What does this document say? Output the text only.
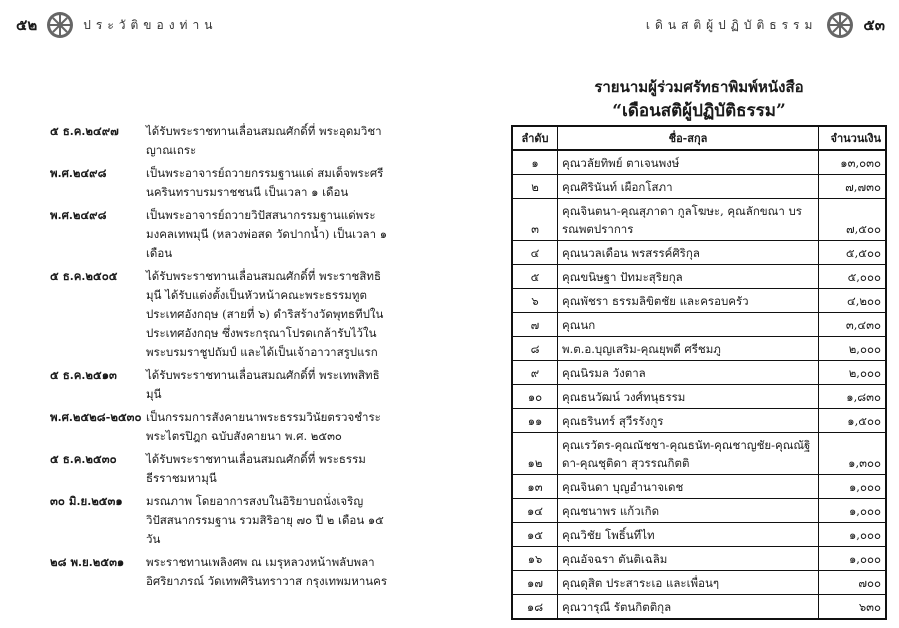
๕๒	ประวัติของท่าน
๕ ธ.ค.๒๔๙๗	ได้รับพระราชทานเลื่อนสมณศักดิ์ที่ พระอุดมวิชาญาณเถระ
พ.ศ.๒๔๙๘	เป็นพระอาจารย์ถวายกรรมฐานแด่ สมเด็จพระศรีนครินทราบรมราชชนนี เป็นเวลา ๑ เดือน
พ.ศ.๒๔๙๘	เป็นพระอาจารย์ถวายวิปัสสนากรรมฐานแด่พระมงคลเทพมุนี (หลวงพ่อสด วัดปากน้ำ) เป็นเวลา ๑ เดือน
๕ ธ.ค.๒๕๐๕	ได้รับพระราชทานเลื่อนสมณศักดิ์ที่ พระราชสิทธิมุนี ได้รับแต่งตั้งเป็นหัวหน้าคณะพระธรรมทูตประเทศอังกฤษ (สายที่ ๖) ดำริสร้างวัดพุทธทีปในประเทศอังกฤษ ซึ่งพระกรุณาโปรดเกล้ารับไว้ในพระบรมราชูปถัมป์ และได้เป็นเจ้าอาวาสรูปแรก
๕ ธ.ค.๒๕๑๓	ได้รับพระราชทานเลื่อนสมณศักดิ์ที่ พระเทพสิทธิมุนี
พ.ศ.๒๕๒๘-๒๕๓๐ เป็นกรรมการสังคายนาพระธรรมวินัยตรวจชำระพระไตรปิฎก ฉบับสังคายนา พ.ศ. ๒๕๓๐
๕ ธ.ค.๒๕๓๐	ได้รับพระราชทานเลื่อนสมณศักดิ์ที่ พระธรรมธีรราชมหามุนี
๓๐ มิ.ย.๒๕๓๑	มรณภาพ โดยอาการสงบในอิริยาบถนั่งเจริญวิปัสสนากรรมฐาน รวมสิริอายุ ๗๐ ปี ๒ เดือน ๑๕ วัน
๒๘ พ.ย.๒๕๓๑	พระราชทานเพลิงศพ ณ เมรุหลวงหน้าพลับพลาอิศริยาภรณ์ วัดเทพศิรินทราวาส กรุงเทพมหานคร
เดินสติผู้ปฏิบัติธรรม	๕๓
รายนามผู้ร่วมศรัทธาพิมพ์หนังสือ
“เดือนสติผู้ปฏิบัติธรรม”
ลำดับ	ชื่อ-สกุล	จำนวนเงิน
๑	คุณวลัยทิพย์ ตาเจนพงษ์	๑๓,๐๓๐
๒	คุณศิรินันท์ เผือกโสภา	๗,๗๓๐
๓	คุณจินตนา-คุณสุภาดา กูลโฆษะ, คุณลักขณา บรรณพตปราการ	๗,๕๐๐
๔	คุณนวลเดือน พรสรรค์ศิริกุล	๕,๕๐๐
๕	คุณขนิษฐา ปัทมะสุริยกุล	๕,๐๐๐
๖	คุณพัชรา ธรรมลิขิตชัย และครอบครัว	๔,๒๐๐
๗	คุณนก	๓,๔๓๐
๘	พ.ต.อ.บุญเสริม-คุณยุพดี ศรีชมภู	๒,๐๐๐
๙	คุณนิรมล วังตาล	๒,๐๐๐
๑๐	คุณธนวัฒน์ วงศ์ทนุธรรม	๑,๘๓๐
๑๑	คุณธรินทร์ สุวีรรังกูร	๑,๕๐๐
๑๒	คุณเรวัตร-คุณณัชชา-คุณธนัท-คุณชาญชัย-คุณณัฐิดา-คุณชุติดา สุวรรณกิตติ	๑,๓๐๐
๑๓	คุณจินดา บุญอำนาจเดช	๑,๐๐๐
๑๔	คุณชนาพร แก้วเกิด	๑,๐๐๐
๑๕	คุณวิชัย โพธิ์นทีไท	๑,๐๐๐
๑๖	คุณอัจฉรา ตันติเฉลิม	๑,๐๐๐
๑๗	คุณดุสิต ประสาระเอ และเพื่อนๆ	๗๐๐
๑๘	คุณวารุณี รัตนกิตติกุล	๖๓๐
